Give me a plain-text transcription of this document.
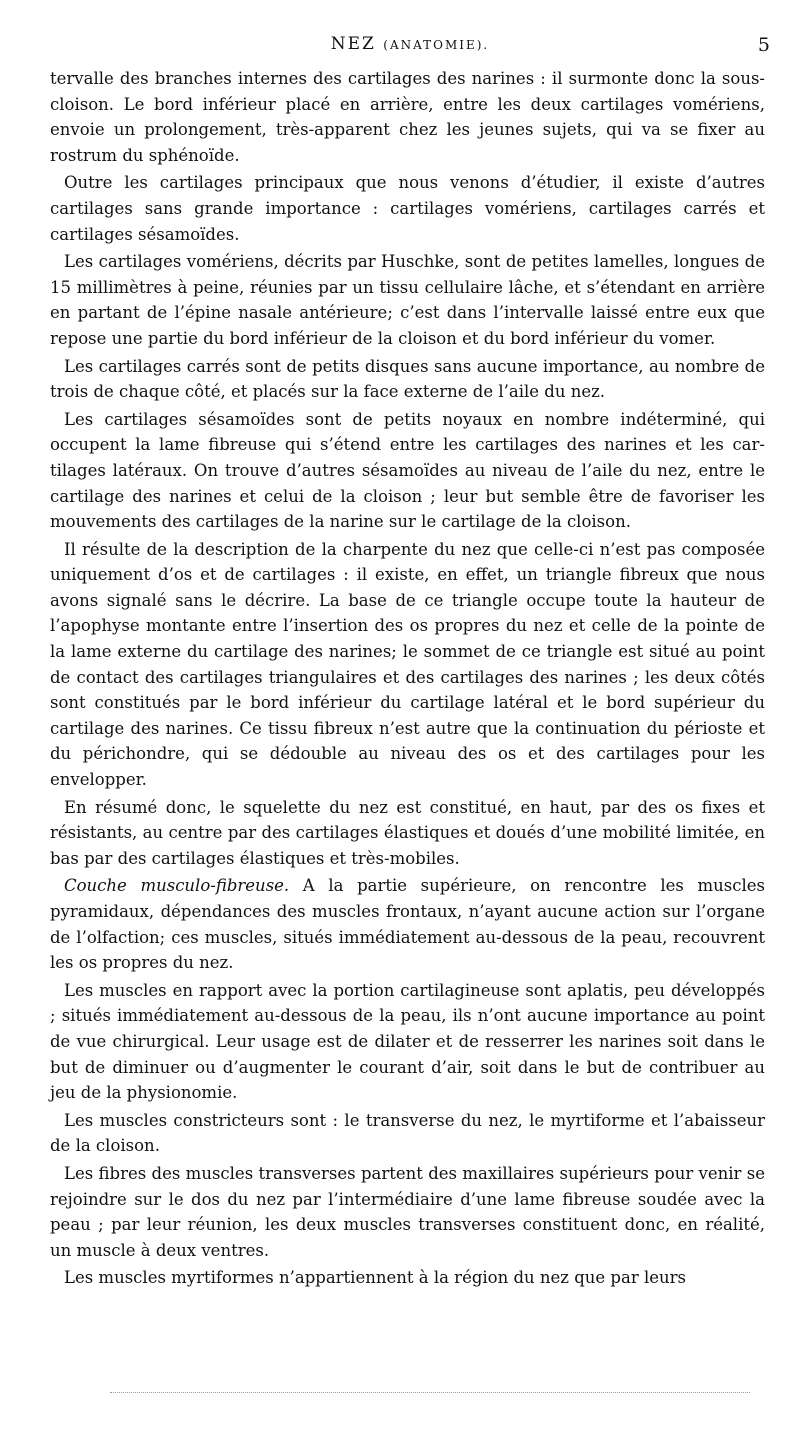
NEZ (ANATOMIE).	5

tervalle des branches internes des cartilages des narines : il surmonte donc la sous-cloison. Le bord inférieur placé en arrière, entre les deux cartilages vomériens, envoie un prolongement, très-apparent chez les jeunes sujets, qui va se fixer au rostrum du sphénoïde.

Outre les cartilages principaux que nous venons d’étudier, il existe d’autres cartilages sans grande importance : cartilages vomériens, cartilages carrés et cartilages sésamoïdes.

Les cartilages vomériens, décrits par Huschke, sont de petites lamelles, longues de 15 millimètres à peine, réunies par un tissu cellulaire lâche, et s’étendant en arrière en partant de l’épine nasale antérieure; c’est dans l’intervalle laissé entre eux que repose une partie du bord inférieur de la cloison et du bord inférieur du vomer.

Les cartilages carrés sont de petits disques sans aucune importance, au nombre de trois de chaque côté, et placés sur la face externe de l’aile du nez.

Les cartilages sésamoïdes sont de petits noyaux en nombre indéterminé, qui occupent la lame fibreuse qui s’étend entre les cartilages des narines et les cartilages latéraux. On trouve d’autres sésamoïdes au niveau de l’aile du nez, entre le cartilage des narines et celui de la cloison ; leur but semble être de favoriser les mouvements des cartilages de la narine sur le cartilage de la cloison.

Il résulte de la description de la charpente du nez que celle-ci n’est pas composée uniquement d’os et de cartilages : il existe, en effet, un triangle fibreux que nous avons signalé sans le décrire. La base de ce triangle occupe toute la hauteur de l’apophyse montante entre l’insertion des os propres du nez et celle de la pointe de la lame externe du cartilage des narines; le sommet de ce triangle est situé au point de contact des cartilages triangulaires et des cartilages des narines ; les deux côtés sont constitués par le bord inférieur du cartilage latéral et le bord supérieur du cartilage des narines. Ce tissu fibreux n’est autre que la continuation du périoste et du périchondre, qui se dédouble au niveau des os et des cartilages pour les envelopper.

En résumé donc, le squelette du nez est constitué, en haut, par des os fixes et résistants, au centre par des cartilages élastiques et doués d’une mobilité limitée, en bas par des cartilages élastiques et très-mobiles.

Couche musculo-fibreuse. A la partie supérieure, on rencontre les muscles pyramidaux, dépendances des muscles frontaux, n’ayant aucune action sur l’organe de l’olfaction; ces muscles, situés immédiatement au-dessous de la peau, recouvrent les os propres du nez.

Les muscles en rapport avec la portion cartilagineuse sont aplatis, peu développés ; situés immédiatement au-dessous de la peau, ils n’ont aucune importance au point de vue chirurgical. Leur usage est de dilater et de resserrer les narines soit dans le but de diminuer ou d’augmenter le courant d’air, soit dans le but de contribuer au jeu de la physionomie.

Les muscles constricteurs sont : le transverse du nez, le myrtiforme et l’abaisseur de la cloison.

Les fibres des muscles transverses partent des maxillaires supérieurs pour venir se rejoindre sur le dos du nez par l’intermédiaire d’une lame fibreuse soudée avec la peau ; par leur réunion, les deux muscles transverses constituent donc, en réalité, un muscle à deux ventres.

Les muscles myrtiformes n’appartiennent à la région du nez que par leurs
